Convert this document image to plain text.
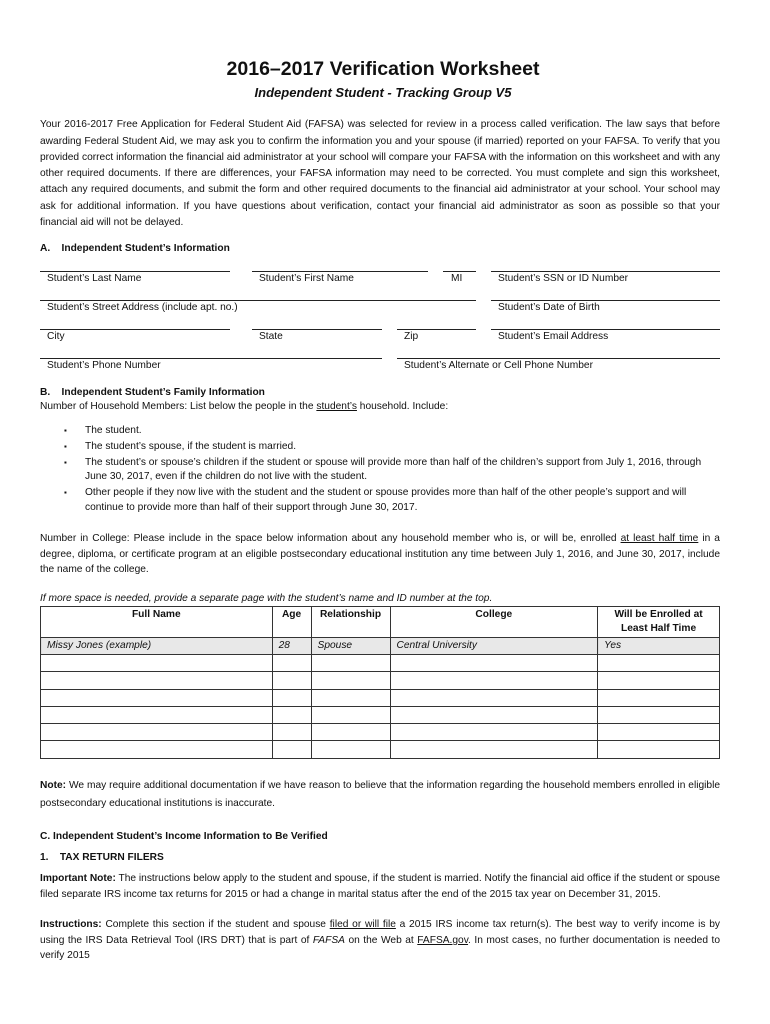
2016–2017 Verification Worksheet
Independent Student - Tracking Group V5

Your 2016-2017 Free Application for Federal Student Aid (FAFSA) was selected for review in a process called verification. The law says that before awarding Federal Student Aid, we may ask you to confirm the information you and your spouse (if married) reported on your FAFSA. To verify that you provided correct information the financial aid administrator at your school will compare your FAFSA with the information on this worksheet and with any other required documents. If there are differences, your FAFSA information may need to be corrected. You must complete and sign this worksheet, attach any required documents, and submit the form and other required documents to the financial aid administrator at your school. Your school may ask for additional information. If you have questions about verification, contact your financial aid administrator as soon as possible so that your financial aid will not be delayed.

A.    Independent Student’s Information
Student’s Last Name	Student’s First Name	MI	Student’s SSN or ID Number
Student’s Street Address (include apt. no.)	Student’s Date of Birth
City	State	Zip	Student’s Email Address
Student’s Phone Number	Student’s Alternate or Cell Phone Number
B.    Independent Student’s Family Information
Number of Household Members: List below the people in the student’s household. Include:
▪ The student.
▪ The student’s spouse, if the student is married.
▪ The student’s or spouse’s children if the student or spouse will provide more than half of the children’s support from July 1, 2016, through June 30, 2017, even if the children do not live with the student.
▪ Other people if they now live with the student and the student or spouse provides more than half of the other people’s support and will continue to provide more than half of their support through June 30, 2017.

Number in College: Please include in the space below information about any household member who is, or will be, enrolled at least half time in a degree, diploma, or certificate program at an eligible postsecondary educational institution any time between July 1, 2016, and June 30, 2017, include the name of the college.

If more space is needed, provide a separate page with the student’s name and ID number at the top.

Full Name	Age	Relationship	College	Will be Enrolled at Least Half Time
Missy Jones (example)	28	Spouse	Central University	Yes

Note: We may require additional documentation if we have reason to believe that the information regarding the household members enrolled in eligible postsecondary educational institutions is inaccurate.

C. Independent Student’s Income Information to Be Verified
1.    TAX RETURN FILERS

Important Note: The instructions below apply to the student and spouse, if the student is married. Notify the financial aid office if the student or spouse filed separate IRS income tax returns for 2015 or had a change in marital status after the end of the 2015 tax year on December 31, 2015.

Instructions: Complete this section if the student and spouse filed or will file a 2015 IRS income tax return(s). The best way to verify income is by using the IRS Data Retrieval Tool (IRS DRT) that is part of FAFSA on the Web at FAFSA.gov. In most cases, no further documentation is needed to verify 2015
